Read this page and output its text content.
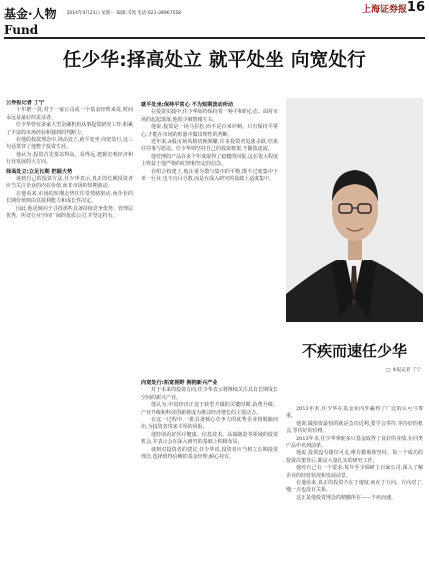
基金·人物 2014年4月21日 星期一 编辑:韦凯 电话:021-38967558	上海证券报 16
Fund
任少华:择高处立 就平处坐 向宽处行

公券报记者 丁宁

十年磨一剑,对于一家公司或一个基金经理来说,时间永远是最好的见证者。

任少华曾在多家大型金融机构从事投资研究工作,积累了丰富的市场经验和独到的判断力。

在他的投资理念中,择高处立,就平处坐,向宽处行,这三句话贯穿了他整个投资生涯。

他认为,投资首先要站得高、看得远,把握宏观经济和行业发展的大方向。

择高处立:立足长期 把握大势

谈到自己的投资方法,任少华表示,真正的长期投资者应当关注企业的内在价值,而非市场的短期波动。

在他看来,市场的短期走势往往受情绪驱动,而企业的长期价值则由其盈利能力和成长性决定。

因此,他更倾向于寻找那些具备持续竞争优势、管理层优秀、所处行业空间广阔的优质公司,并坚定持有。

就平处坐:保持平常心 不为短期波动所动

在投资实践中,任少华始终保持着一种平和的心态。面对市场的起起落落,他很少被情绪左右。

他说:投资是一场马拉松,而不是百米冲刺。只有保持平常心,才能在市场的喧嚣中做出理性的判断。

近年来,A股市场风格切换频繁,许多投资者追涨杀跌,结果往往事与愿违。任少华则坚持自己的投资框架,不随波逐流。

他管理的产品在多个年度取得了稳健的回报,这在很大程度上得益于他严格的纪律和坚定的信念。

在组合构建上,他注重分散与集中的平衡,既不过度集中于单一行业,也不盲目分散,而是在深入研究的基础上适度集中。

向宽处行:拓宽视野 拥抱新兴产业

对于未来的投资方向,任少华表示将继续关注具有长期成长空间的新兴产业。

他认为,中国经济正处于转型升级的关键时期,消费升级、产业升级和科技创新将成为推动经济增长的主要动力。

在这一过程中,一批具备核心竞争力的优秀企业将脱颖而出,为投资者带来丰厚的回报。

他特别看好医疗健康、信息技术、高端制造等领域的投资机会,并表示会在深入研究的基础上积极布局。

谈到对投资者的建议,任少华说,投资者应当树立长期投资理念,选择值得信赖的基金经理,耐心持有。

不疾而速任少华
□ 本报记者 丁宁

2013年末,任少华在基金业内外赢得了广泛的认可与尊重。

他说,做投资最怕的就是急功近利,要学会等待,等待好的机会,等待好的价格。

2013年末,任少华掌舵多只基金取得了良好的业绩,在同类产品中名列前茅。

他说,投资没有捷径可走,唯有勤勉和坚持。每一个成功的投资决策背后,都是大量扎实的研究工作。

他对自己有一个要求:每年至少调研上百家公司,深入了解企业的经营状况和发展前景。

在他看来,真正的投资不在于速度,而在于方向。方向对了,慢一点也没有关系。

这正是他投资理念的精髓所在——不疾而速。
